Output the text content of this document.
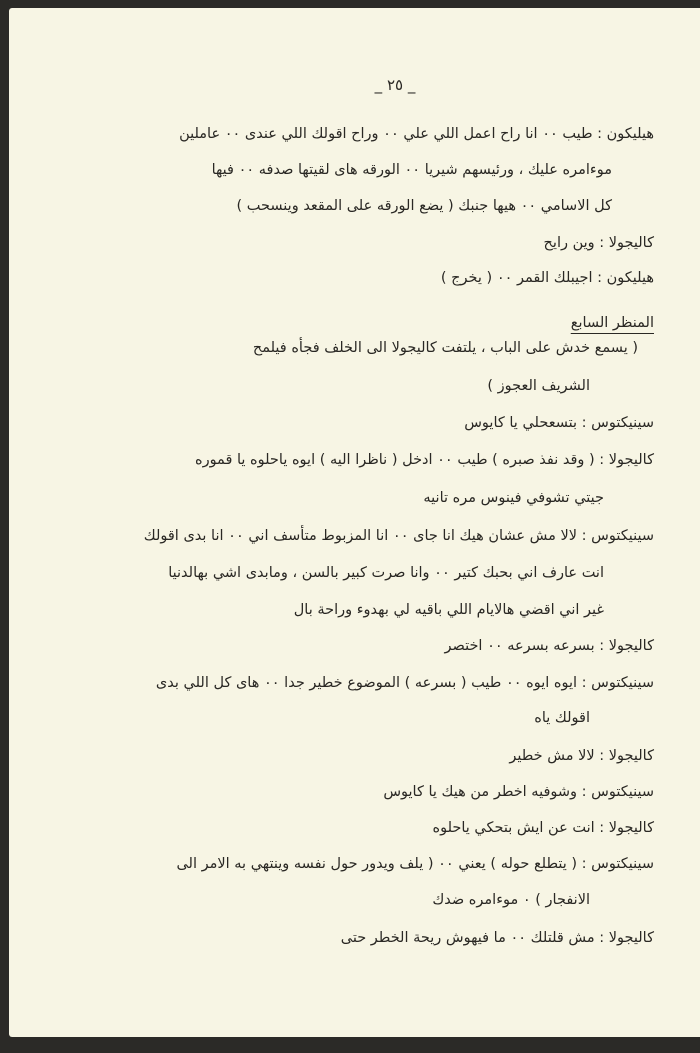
_ ٢٥ _
هيليكون : طيب ٠٠ انا راح اعمل اللي علي ٠٠ وراح اقولك اللي عندى ٠٠ عاملين
موءامره عليك ، ورئيسهم شيريا ٠٠ الورقه هاى لقيتها صدفه ٠٠ فيها
كل الاسامي ٠٠ هيها جنبك ( يضع الورقه على المقعد وينسحب )
كاليجولا : وين رايح
هيليكون : اجيبلك القمر ٠٠ ( يخرج )
المنظر السابع
( يسمع خدش على الباب ، يلتفت كاليجولا الى الخلف فجأه فيلمح
الشريف العجوز )
سينيكتوس : بتسعحلي يا كايوس
كاليجولا : ( وقد نفذ صبره ) طيب ٠٠ ادخل ( ناظرا اليه ) ايوه ياحلوه يا قموره
جيتي تشوفي فينوس مره تانيه
سينيكتوس : لالا مش عشان هيك انا جاى ٠٠ انا المزبوط متأسف اني ٠٠ انا بدى اقولك
انت عارف اني بحبك كتير ٠٠ وانا صرت كبير بالسن ، ومابدى اشي بهالدنيا
غير اني اقضي هالايام اللي باقيه لي بهدوء وراحة بال
كاليجولا : بسرعه بسرعه ٠٠ اختصر
سينيكتوس : ايوه ايوه ٠٠ طيب ( بسرعه ) الموضوع خطير جدا ٠٠ هاى كل اللي بدى
اقولك ياه
كاليجولا : لالا مش خطير
سينيكتوس : وشوفيه اخطر من هيك يا كايوس
كاليجولا : انت عن ايش بتحكي ياحلوه
سينيكتوس : ( يتطلع حوله ) يعني ٠٠ ( يلف ويدور حول نفسه وينتهي به الامر الى
الانفجار ) ٠ موءامره ضدك
كاليجولا : مش قلتلك ٠٠ ما فيهوش ريحة الخطر حتى
